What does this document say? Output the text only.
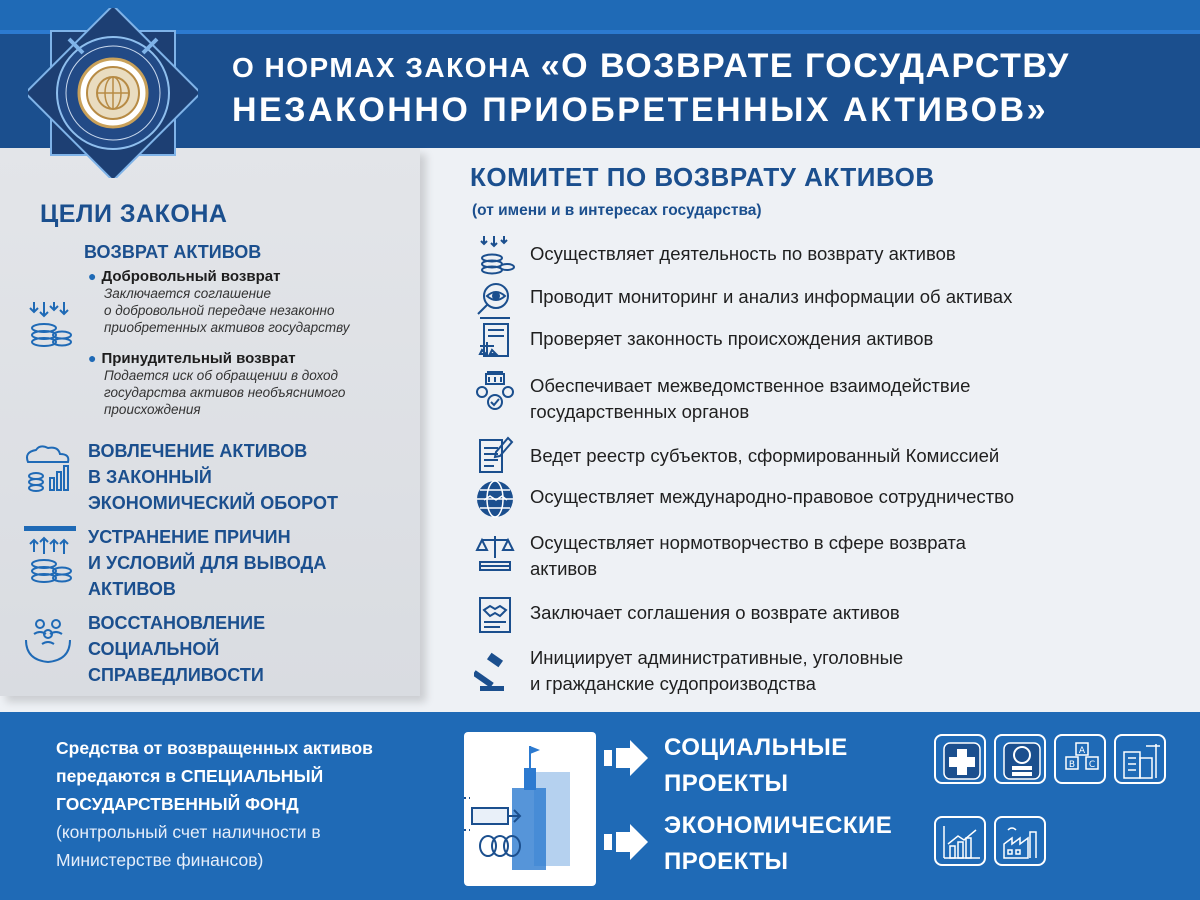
О НОРМАХ ЗАКОНА «О ВОЗВРАТЕ ГОСУДАРСТВУ
НЕЗАКОННО ПРИОБРЕТЕННЫХ АКТИВОВ»
ЦЕЛИ ЗАКОНА
ВОЗВРАТ АКТИВОВ
● Добровольный возврат
Заключается соглашение
о добровольной передаче незаконно
приобретенных активов государству
● Принудительный возврат
Подается иск об обращении в доход
государства активов необъяснимого
происхождения
ВОВЛЕЧЕНИЕ АКТИВОВ
В ЗАКОННЫЙ
ЭКОНОМИЧЕСКИЙ ОБОРОТ
УСТРАНЕНИЕ ПРИЧИН
И УСЛОВИЙ ДЛЯ ВЫВОДА
АКТИВОВ
ВОССТАНОВЛЕНИЕ
СОЦИАЛЬНОЙ
СПРАВЕДЛИВОСТИ
КОМИТЕТ ПО ВОЗВРАТУ АКТИВОВ
(от имени и в интересах государства)
Осуществляет деятельность по возврату активов
Проводит мониторинг и анализ информации об активах
Проверяет законность происхождения активов
Обеспечивает межведомственное взаимодействие
государственных органов
Ведет реестр субъектов, сформированный Комиссией
Осуществляет международно-правовое сотрудничество
Осуществляет нормотворчество в сфере возврата
активов
Заключает соглашения о возврате активов
Инициирует административные, уголовные
и гражданские судопроизводства
Средства от возвращенных активов передаются в СПЕЦИАЛЬНЫЙ ГОСУДАРСТВЕННЫЙ ФОНД
(контрольный счет наличности в
Министерстве финансов)
СОЦИАЛЬНЫЕ
ПРОЕКТЫ
ЭКОНОМИЧЕСКИЕ
ПРОЕКТЫ
A
B C
